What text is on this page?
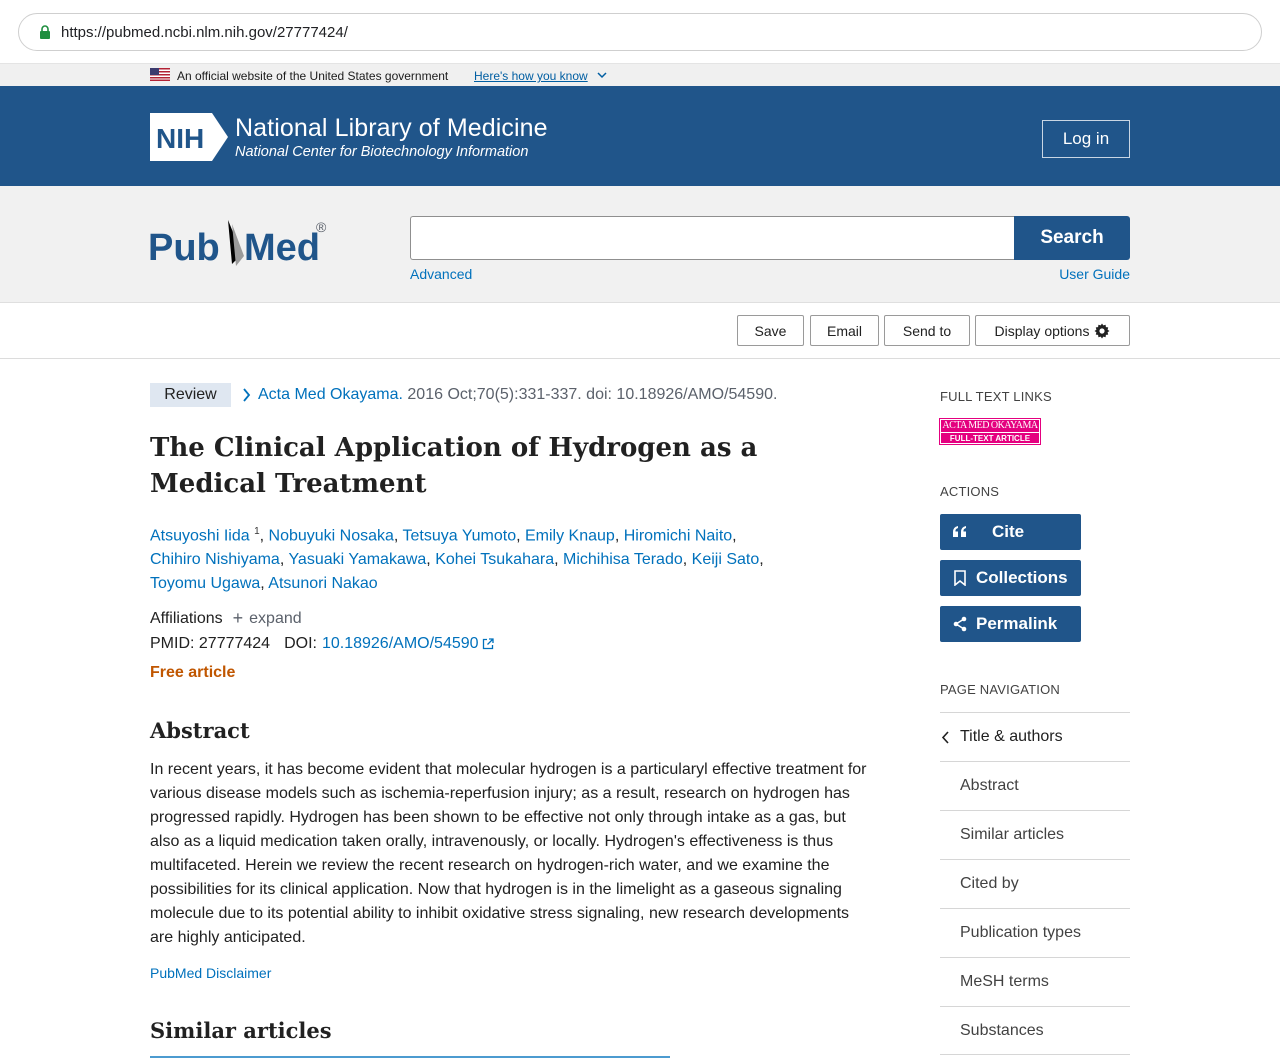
https://pubmed.ncbi.nlm.nih.gov/27777424/
An official website of the United States government Here's how you know
NIH National Library of Medicine
National Center for Biotechnology Information
Log in
Pub Med
®	Search
Advanced	User Guide
Save	Email	Send to	Display options
Review	Acta Med Okayama. 2016 Oct;70(5):331-337. doi: 10.18926/AMO/54590.
The Clinical Application of Hydrogen as a Medical Treatment
Atsuyoshi Iida $^1$, Nobuyuki Nosaka, Tetsuya Yumoto, Emily Knaup, Hiromichi Naito, Chihiro Nishiyama, Yasuaki Yamakawa, Kohei Tsukahara, Michihisa Terado, Keiji Sato, Toyomu Ugawa, Atsunori Nakao
Affiliations + expand
PMID: 27777424 DOI: 10.18926/AMO/54590
Free article
Abstract

In recent years, it has become evident that molecular hydrogen is a particularyl effective treatment for various disease models such as ischemia-reperfusion injury; as a result, research on hydrogen has progressed rapidly. Hydrogen has been shown to be effective not only through intake as a gas, but also as a liquid medication taken orally, intravenously, or locally. Hydrogen's effectiveness is thus multifaceted. Herein we review the recent research on hydrogen-rich water, and we examine the possibilities for its clinical application. Now that hydrogen is in the limelight as a gaseous signaling molecule due to its potential ability to inhibit oxidative stress signaling, new research developments are highly anticipated.

PubMed Disclaimer
Similar articles
FULL TEXT LINKS
ACTA MED OKAYAMA
FULL-TEXT ARTICLE
ACTIONS
Cite
Collections
Permalink
PAGE NAVIGATION
Title & authors
Abstract
Similar articles
Cited by
Publication types
MeSH terms
Substances
